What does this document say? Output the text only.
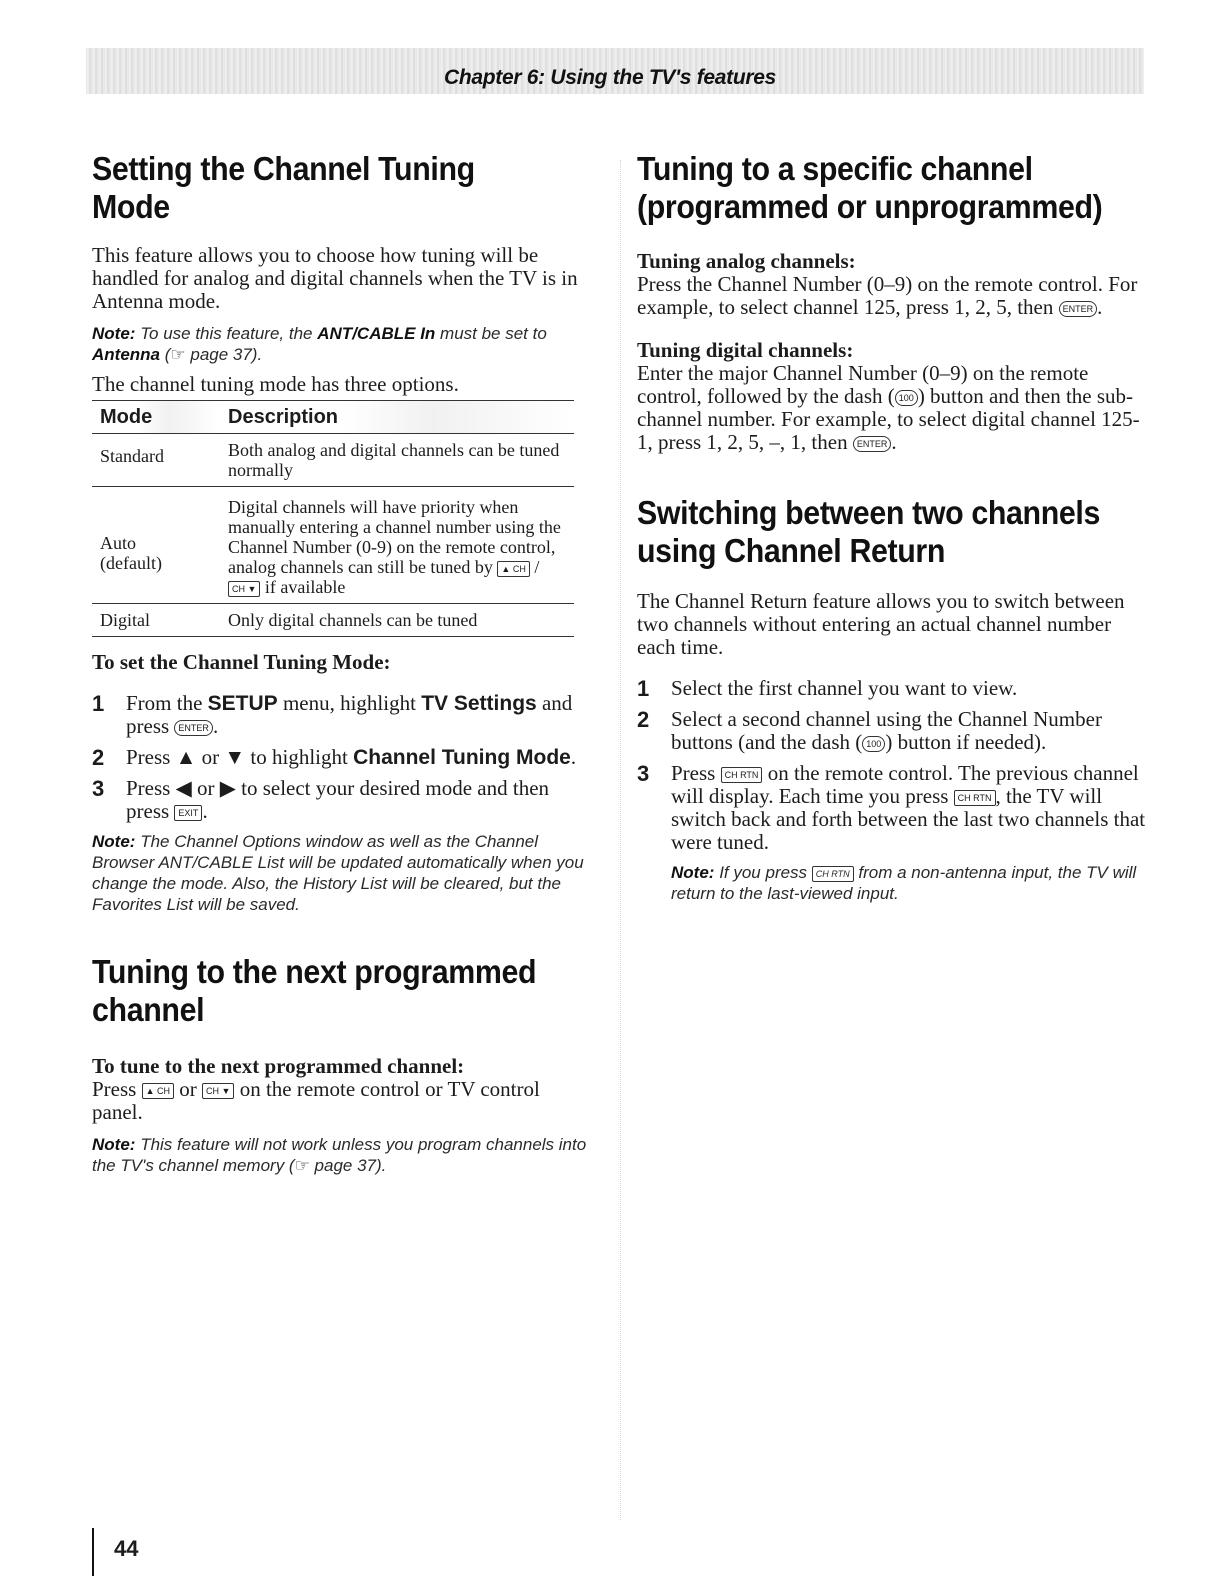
Chapter 6: Using the TV's features
Setting the Channel Tuning Mode

This feature allows you to choose how tuning will be handled for analog and digital channels when the TV is in Antenna mode.

Note: To use this feature, the ANT/CABLE In must be set to Antenna (☞ page 37).

The channel tuning mode has three options.

Mode	Description
Standard	Both analog and digital channels can be tuned normally

Auto
(default)	Digital channels will have priority when manually entering a channel number using the Channel Number (0-9) on the remote control, analog channels can still be tuned by ▲ CH / CH ▼ if available
Digital	Only digital channels can be tuned

To set the Channel Tuning Mode:

1	From the SETUP menu, highlight TV Settings and press ENTER .

2	Press ▲ or ▼ to highlight Channel Tuning Mode.

3	Press ◀ or ▶ to select your desired mode and then press EXIT .

Note: The Channel Options window as well as the Channel Browser ANT/CABLE List will be updated automatically when you change the mode. Also, the History List will be cleared, but the Favorites List will be saved.

Tuning to the next programmed channel

To tune to the next programmed channel:

Press ▲ CH or CH ▼ on the remote control or TV control panel.

Note: This feature will not work unless you program channels into the TV's channel memory (☞ page 37).

Tuning to a specific channel (programmed or unprogrammed)

Tuning analog channels:

Press the Channel Number (0–9) on the remote control. For example, to select channel 125, press 1, 2, 5, then ENTER .

Tuning digital channels:

Enter the major Channel Number (0–9) on the remote control, followed by the dash ( 100 ) button and then the sub-channel number. For example, to select digital channel 125-1, press 1, 2, 5, –, 1, then ENTER .

Switching between two channels using Channel Return

The Channel Return feature allows you to switch between two channels without entering an actual channel number each time.

1	Select the first channel you want to view.

2	Select a second channel using the Channel Number buttons (and the dash ( 100 ) button if needed).

3	Press CH RTN on the remote control. The previous channel will display. Each time you press CH RTN , the TV will switch back and forth between the last two channels that were tuned.

Note: If you press CH RTN from a non-antenna input, the TV will return to the last-viewed input.

44
